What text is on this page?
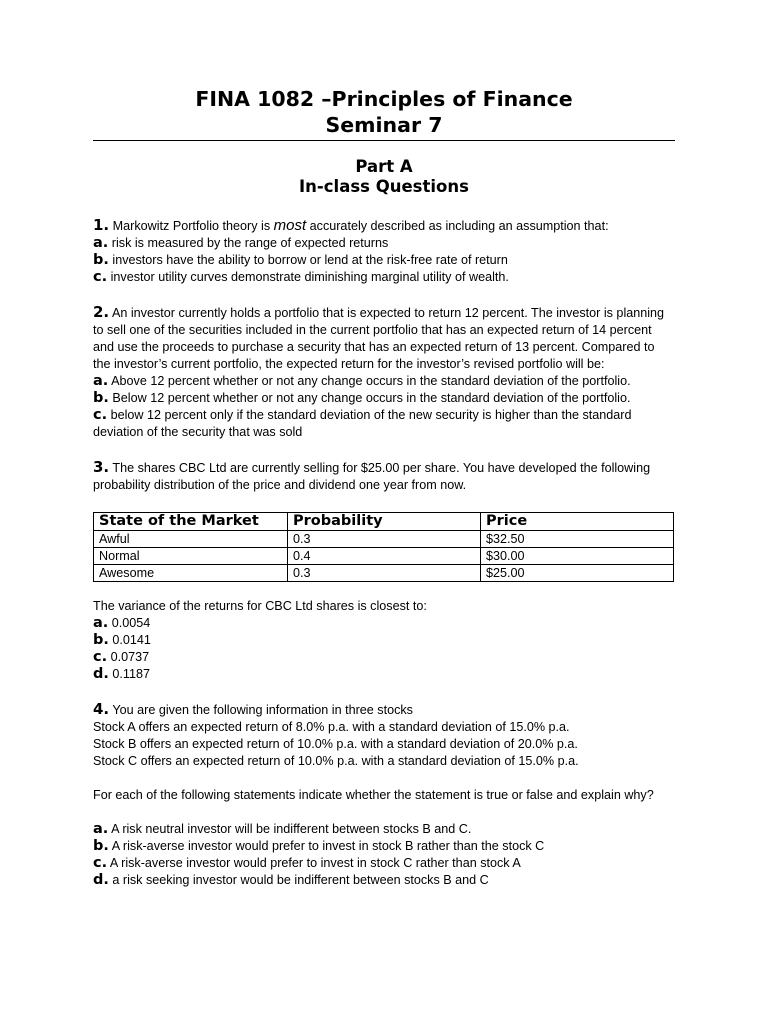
FINA 1082 –Principles of Finance
Seminar 7
Part A
In-class Questions
1. Markowitz Portfolio theory is most accurately described as including an assumption that:
a. risk is measured by the range of expected returns
b. investors have the ability to borrow or lend at the risk-free rate of return
c. investor utility curves demonstrate diminishing marginal utility of wealth.
2. An investor currently holds a portfolio that is expected to return 12 percent. The investor is planning to sell one of the securities included in the current portfolio that has an expected return of 14 percent and use the proceeds to purchase a security that has an expected return of 13 percent. Compared to the investor’s current portfolio, the expected return for the investor’s revised portfolio will be:
a. Above 12 percent whether or not any change occurs in the standard deviation of the portfolio.
b. Below 12 percent whether or not any change occurs in the standard deviation of the portfolio.
c. below 12 percent only if the standard deviation of the new security is higher than the standard deviation of the security that was sold
3. The shares CBC Ltd are currently selling for $25.00 per share. You have developed the following probability distribution of the price and dividend one year from now.
State of the Market	Probability	Price
Awful	0.3	$32.50
Normal	0.4	$30.00
Awesome	0.3	$25.00
The variance of the returns for CBC Ltd shares is closest to:
a. 0.0054
b. 0.0141
c. 0.0737
d. 0.1187
4. You are given the following information in three stocks
Stock A offers an expected return of 8.0% p.a. with a standard deviation of 15.0% p.a.
Stock B offers an expected return of 10.0% p.a. with a standard deviation of 20.0% p.a.
Stock C offers an expected return of 10.0% p.a. with a standard deviation of 15.0% p.a.
For each of the following statements indicate whether the statement is true or false and explain why?
a. A risk neutral investor will be indifferent between stocks B and C.
b. A risk-averse investor would prefer to invest in stock B rather than the stock C
c. A risk-averse investor would prefer to invest in stock C rather than stock A
d. a risk seeking investor would be indifferent between stocks B and C
